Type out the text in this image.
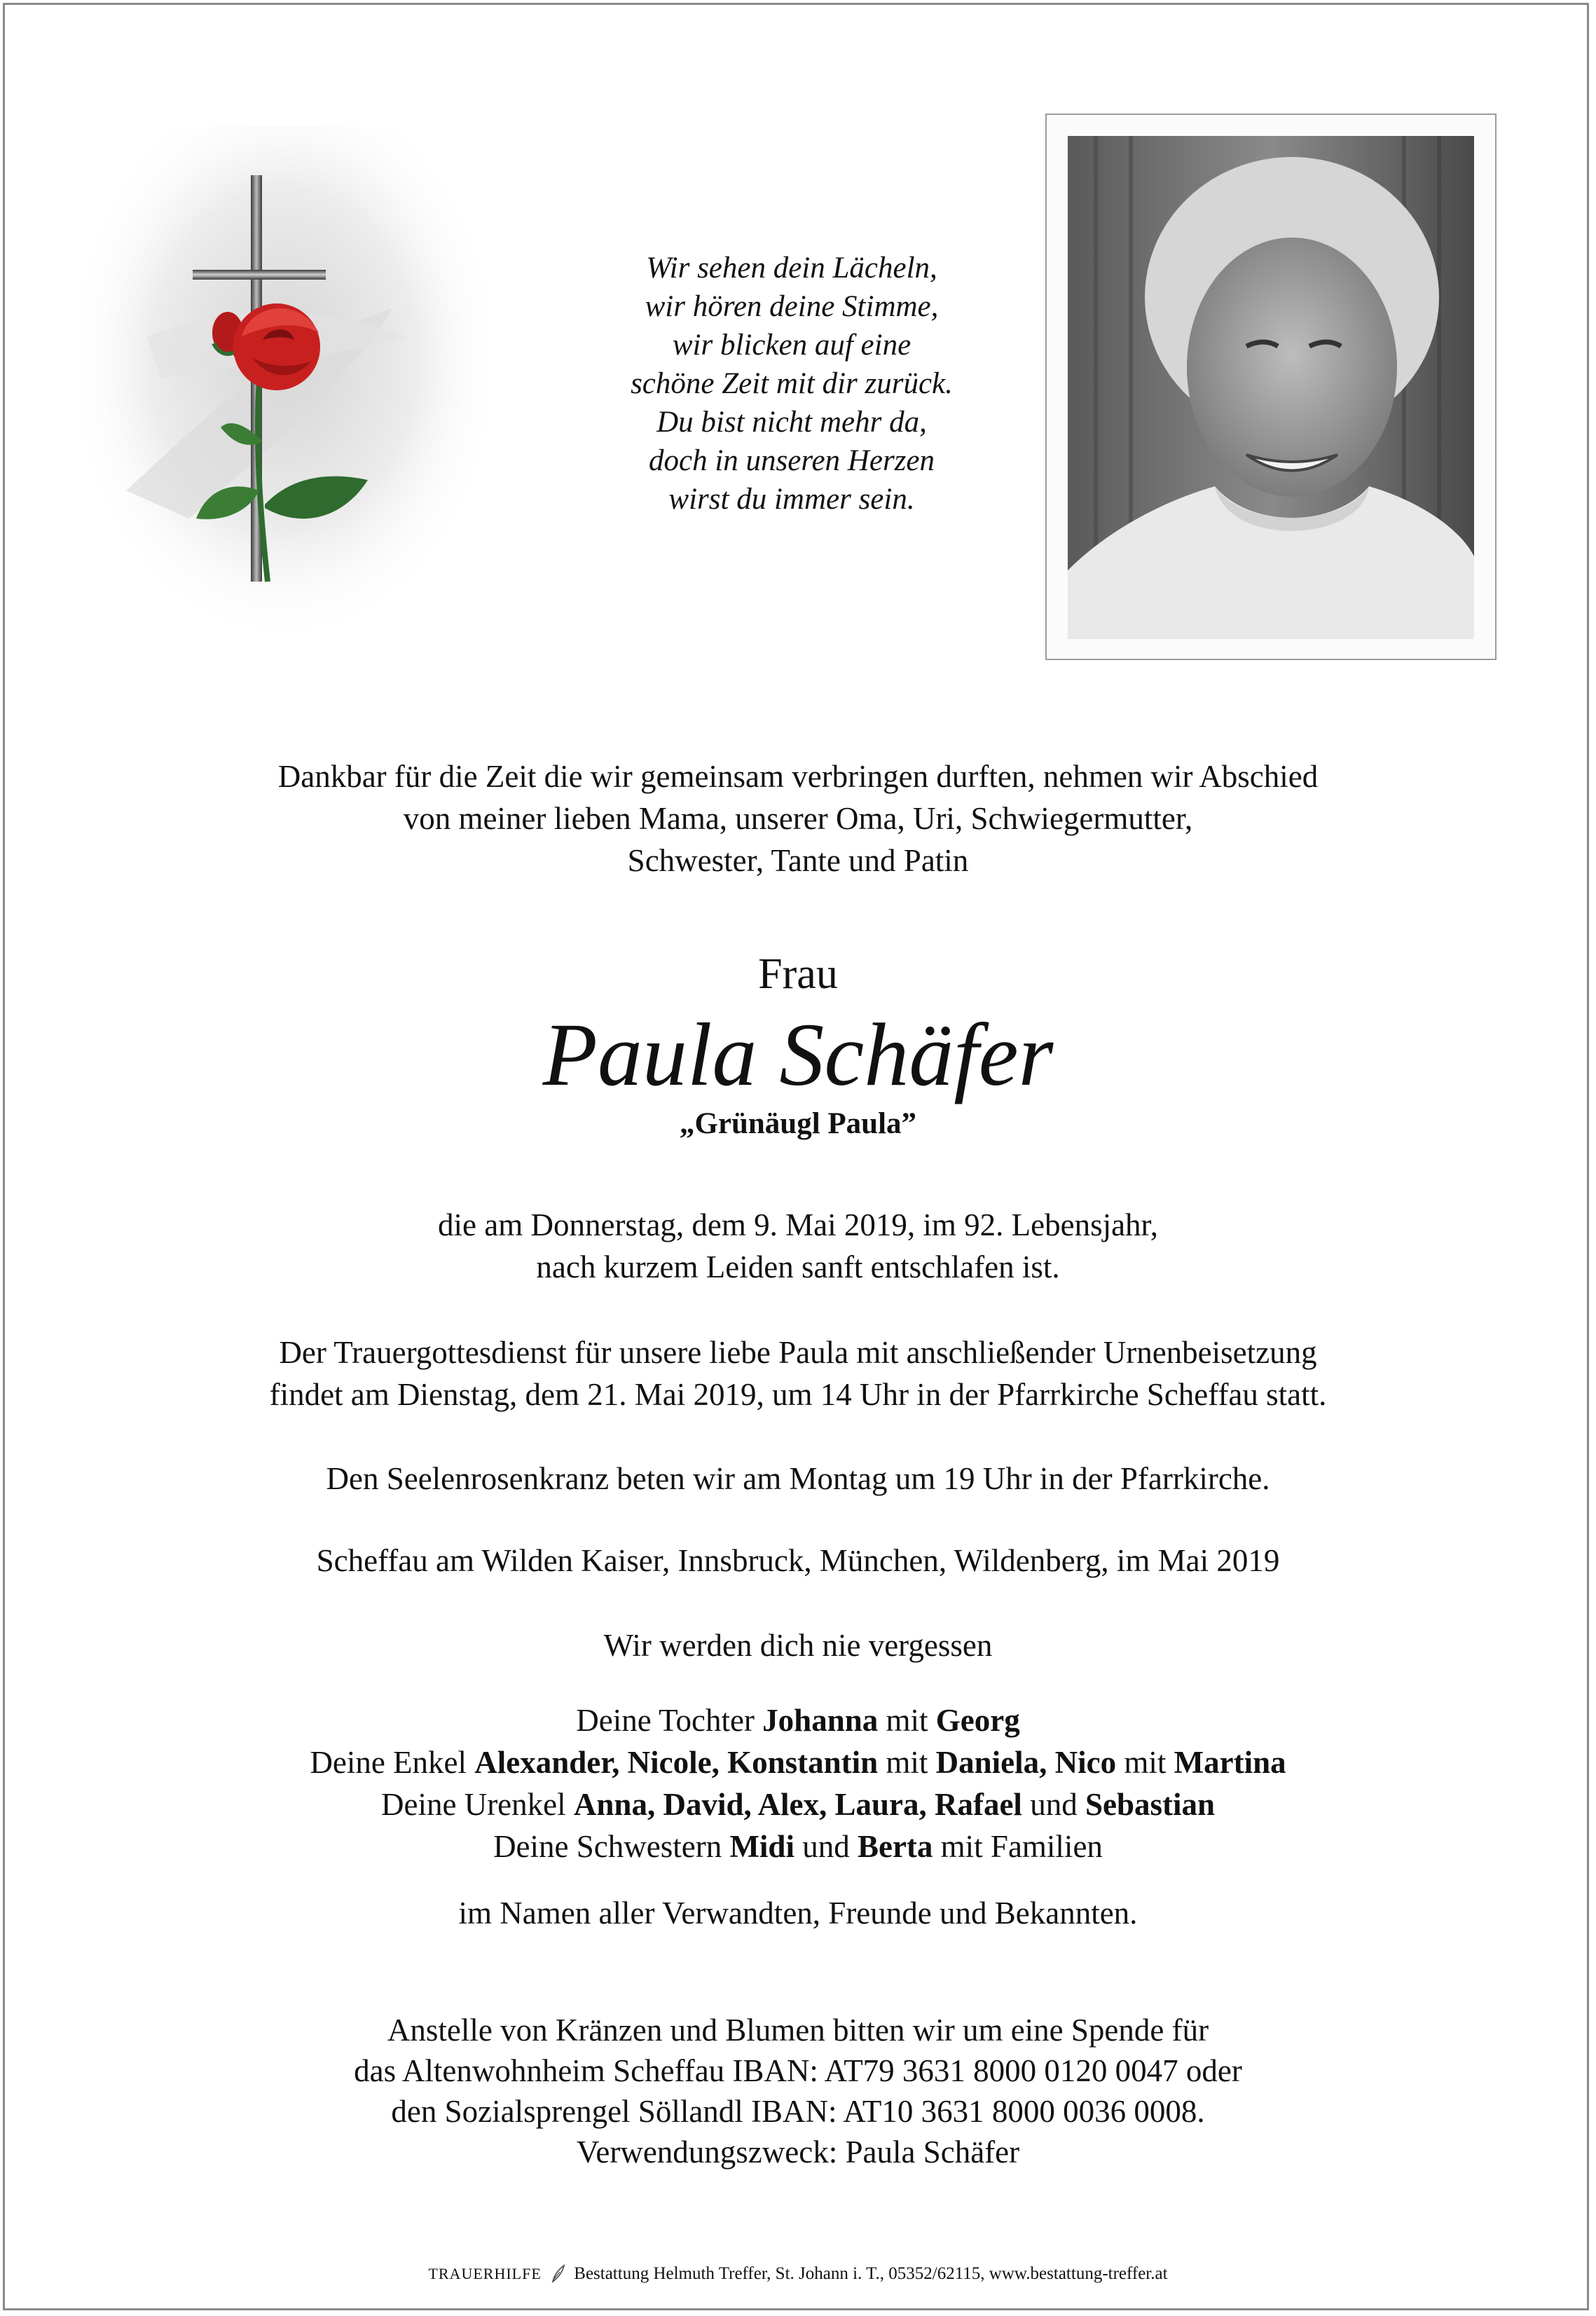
Wir sehen dein Lächeln,
wir hören deine Stimme,
wir blicken auf eine
schöne Zeit mit dir zurück.
Du bist nicht mehr da,
doch in unseren Herzen
wirst du immer sein.
Dankbar für die Zeit die wir gemeinsam verbringen durften, nehmen wir Abschied
von meiner lieben Mama, unserer Oma, Uri, Schwiegermutter,
Schwester, Tante und Patin
Frau
Paula Schäfer
„Grünäugl Paula”
die am Donnerstag, dem 9. Mai 2019, im 92. Lebensjahr,
nach kurzem Leiden sanft entschlafen ist.
Der Trauergottesdienst für unsere liebe Paula mit anschließender Urnenbeisetzung
findet am Dienstag, dem 21. Mai 2019, um 14 Uhr in der Pfarrkirche Scheffau statt.
Den Seelenrosenkranz beten wir am Montag um 19 Uhr in der Pfarrkirche.
Scheffau am Wilden Kaiser, Innsbruck, München, Wildenberg, im Mai 2019
Wir werden dich nie vergessen
Deine Tochter Johanna mit Georg
Deine Enkel Alexander, Nicole, Konstantin mit Daniela, Nico mit Martina
Deine Urenkel Anna, David, Alex, Laura, Rafael und Sebastian
Deine Schwestern Midi und Berta mit Familien
im Namen aller Verwandten, Freunde und Bekannten.
Anstelle von Kränzen und Blumen bitten wir um eine Spende für
das Altenwohnheim Scheffau IBAN: AT79 3631 8000 0120 0047 oder
den Sozialsprengel Söllandl IBAN: AT10 3631 8000 0036 0008.
Verwendungszweck: Paula Schäfer
TRAUERHILFE Bestattung Helmuth Treffer, St. Johann i. T., 05352/62115, www.bestattung-treffer.at
